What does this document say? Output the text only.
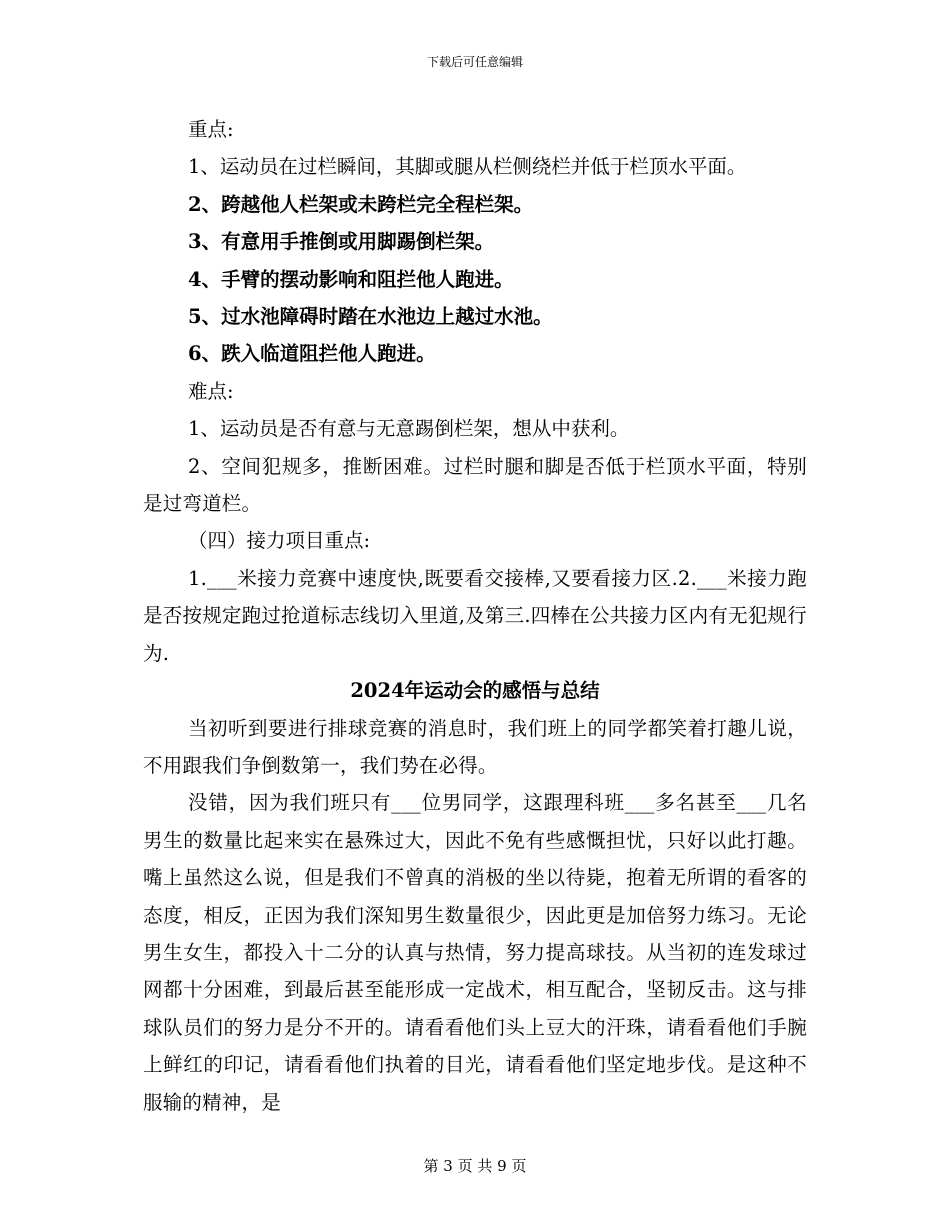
下载后可任意编辑

重点:

1、运动员在过栏瞬间，其脚或腿从栏侧绕栏并低于栏顶水平面。

2、跨越他人栏架或未跨栏完全程栏架。

3、有意用手推倒或用脚踢倒栏架。

4、手臂的摆动影响和阻拦他人跑进。

5、过水池障碍时踏在水池边上越过水池。

6、跌入临道阻拦他人跑进。

难点:

1、运动员是否有意与无意踢倒栏架，想从中获利。

2、空间犯规多，推断困难。过栏时腿和脚是否低于栏顶水平面，特别是过弯道栏。

（四）接力项目重点:

1.___米接力竞赛中速度快,既要看交接棒,又要看接力区.2.___米接力跑是否按规定跑过抢道标志线切入里道,及第三.四棒在公共接力区内有无犯规行为.

2024年运动会的感悟与总结

当初听到要进行排球竞赛的消息时，我们班上的同学都笑着打趣儿说，不用跟我们争倒数第一，我们势在必得。

没错，因为我们班只有___位男同学，这跟理科班___多名甚至___几名男生的数量比起来实在悬殊过大，因此不免有些感慨担忧，只好以此打趣。嘴上虽然这么说，但是我们不曾真的消极的坐以待毙，抱着无所谓的看客的态度，相反，正因为我们深知男生数量很少，因此更是加倍努力练习。无论男生女生，都投入十二分的认真与热情，努力提高球技。从当初的连发球过网都十分困难，到最后甚至能形成一定战术，相互配合，坚韧反击。这与排球队员们的努力是分不开的。请看看他们头上豆大的汗珠，请看看他们手腕上鲜红的印记，请看看他们执着的目光，请看看他们坚定地步伐。是这种不服输的精神，是

第 3 页 共 9 页
